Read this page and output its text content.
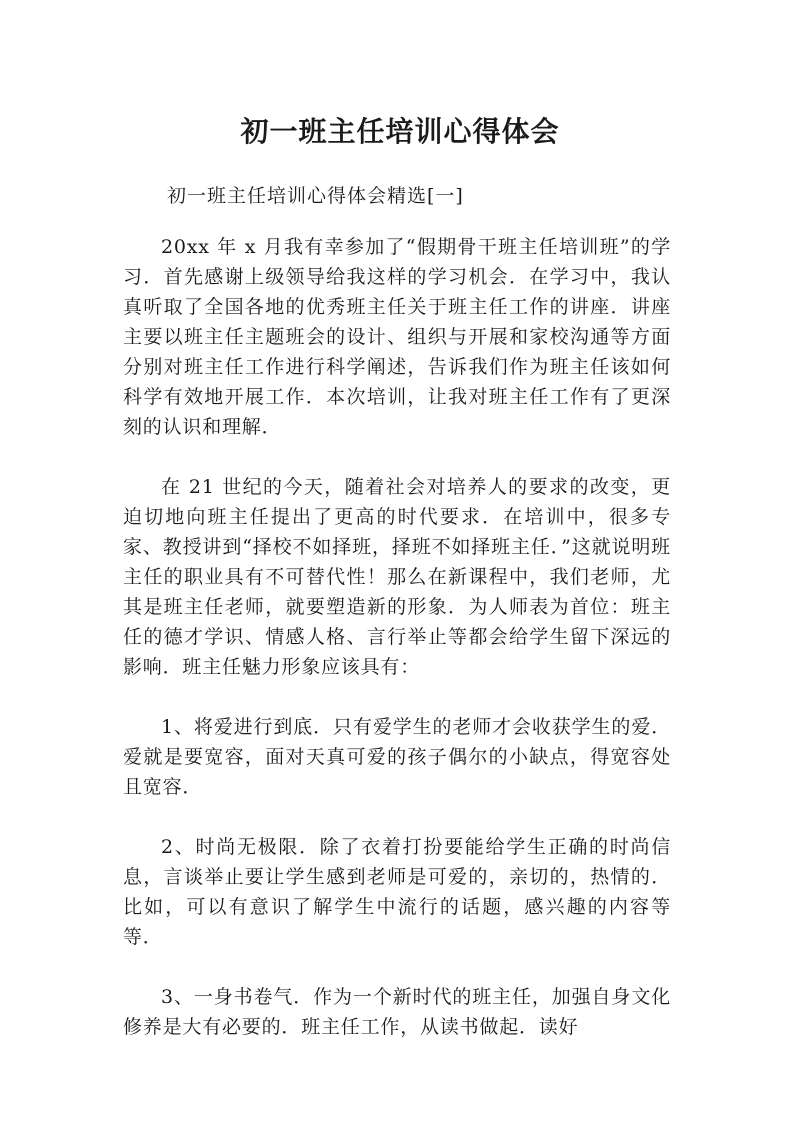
初一班主任培训心得体会
初一班主任培训心得体会精选[一]

20xx 年 x 月我有幸参加了“假期骨干班主任培训班”的学习．首先感谢上级领导给我这样的学习机会．在学习中，我认真听取了全国各地的优秀班主任关于班主任工作的讲座．讲座主要以班主任主题班会的设计、组织与开展和家校沟通等方面分别对班主任工作进行科学阐述，告诉我们作为班主任该如何科学有效地开展工作．本次培训，让我对班主任工作有了更深刻的认识和理解．

在 21 世纪的今天，随着社会对培养人的要求的改变，更迫切地向班主任提出了更高的时代要求．在培训中，很多专家、教授讲到“择校不如择班，择班不如择班主任．”这就说明班主任的职业具有不可替代性！那么在新课程中，我们老师，尤其是班主任老师，就要塑造新的形象．为人师表为首位：班主任的德才学识、情感人格、言行举止等都会给学生留下深远的影响．班主任魅力形象应该具有：

1、将爱进行到底．只有爱学生的老师才会收获学生的爱．爱就是要宽容，面对天真可爱的孩子偶尔的小缺点，得宽容处且宽容．

2、时尚无极限．除了衣着打扮要能给学生正确的时尚信息，言谈举止要让学生感到老师是可爱的，亲切的，热情的．比如，可以有意识了解学生中流行的话题，感兴趣的内容等等．

3、一身书卷气．作为一个新时代的班主任，加强自身文化修养是大有必要的．班主任工作，从读书做起．读好
